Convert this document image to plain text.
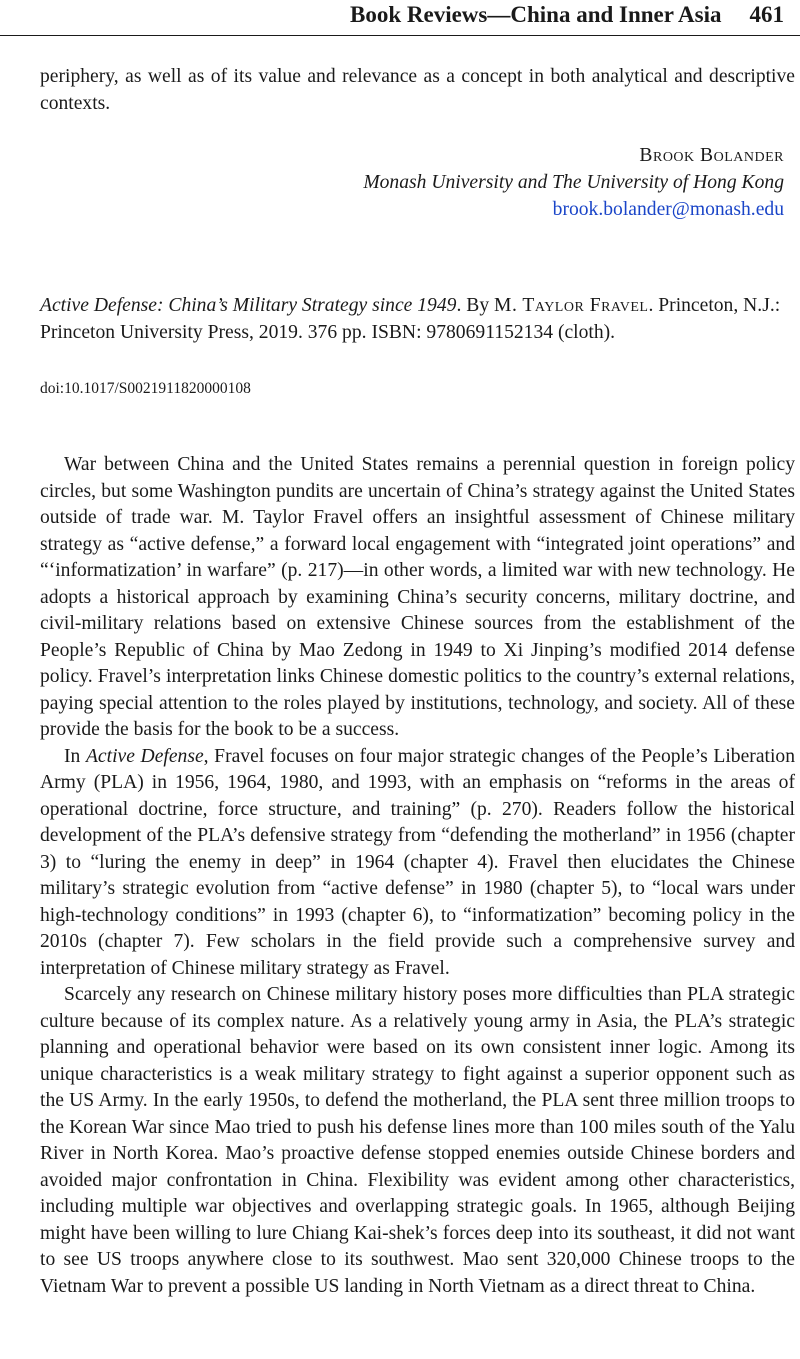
Book Reviews—China and Inner Asia 461
periphery, as well as of its value and relevance as a concept in both analytical and descriptive contexts.
Brook Bolander
Monash University and The University of Hong Kong
brook.bolander@monash.edu
Active Defense: China’s Military Strategy since 1949. By M. Taylor Fravel. Princeton, N.J.: Princeton University Press, 2019. 376 pp. ISBN: 9780691152134 (cloth).
doi:10.1017/S0021911820000108

War between China and the United States remains a perennial question in foreign policy circles, but some Washington pundits are uncertain of China’s strategy against the United States outside of trade war. M. Taylor Fravel offers an insightful assessment of Chinese military strategy as “active defense,” a forward local engagement with “integrated joint operations” and “‘informatization’ in warfare” (p. 217)—in other words, a limited war with new technology. He adopts a historical approach by examining China’s security concerns, military doctrine, and civil-military relations based on extensive Chinese sources from the establishment of the People’s Republic of China by Mao Zedong in 1949 to Xi Jinping’s modified 2014 defense policy. Fravel’s interpretation links Chinese domestic politics to the country’s external relations, paying special attention to the roles played by institutions, technology, and society. All of these provide the basis for the book to be a success.

In Active Defense, Fravel focuses on four major strategic changes of the People’s Liberation Army (PLA) in 1956, 1964, 1980, and 1993, with an emphasis on “reforms in the areas of operational doctrine, force structure, and training” (p. 270). Readers follow the historical development of the PLA’s defensive strategy from “defending the motherland” in 1956 (chapter 3) to “luring the enemy in deep” in 1964 (chapter 4). Fravel then elucidates the Chinese military’s strategic evolution from “active defense” in 1980 (chapter 5), to “local wars under high-technology conditions” in 1993 (chapter 6), to “informatization” becoming policy in the 2010s (chapter 7). Few scholars in the field provide such a comprehensive survey and interpretation of Chinese military strategy as Fravel.

Scarcely any research on Chinese military history poses more difficulties than PLA strategic culture because of its complex nature. As a relatively young army in Asia, the PLA’s strategic planning and operational behavior were based on its own consistent inner logic. Among its unique characteristics is a weak military strategy to fight against a superior opponent such as the US Army. In the early 1950s, to defend the motherland, the PLA sent three million troops to the Korean War since Mao tried to push his defense lines more than 100 miles south of the Yalu River in North Korea. Mao’s proactive defense stopped enemies outside Chinese borders and avoided major confrontation in China. Flexibility was evident among other characteristics, including multiple war objectives and overlapping strategic goals. In 1965, although Beijing might have been willing to lure Chiang Kai-shek’s forces deep into its southeast, it did not want to see US troops anywhere close to its southwest. Mao sent 320,000 Chinese troops to the Vietnam War to prevent a possible US landing in North Vietnam as a direct threat to China.
